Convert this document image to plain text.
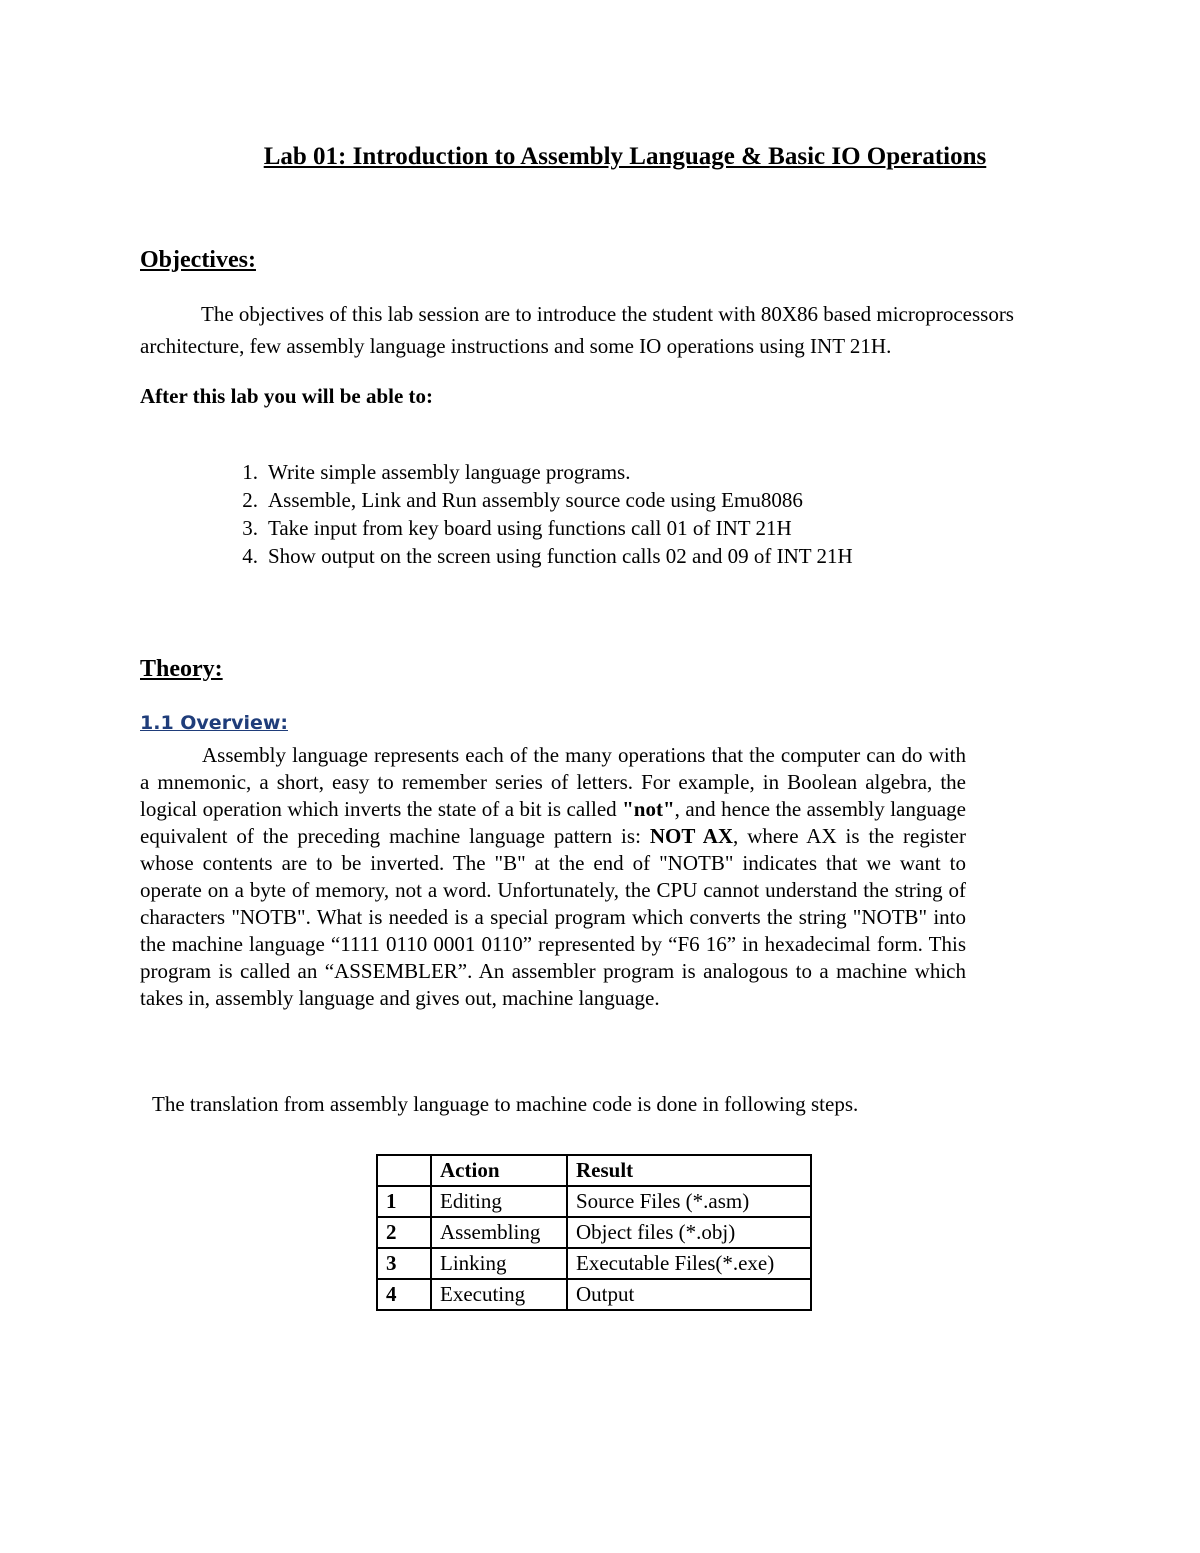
Lab 01: Introduction to Assembly Language & Basic IO Operations
Objectives:
The objectives of this lab session are to introduce the student with 80X86 based microprocessors
architecture, few assembly language instructions and some IO operations using INT 21H.
After this lab you will be able to:
1. Write simple assembly language programs.
2. Assemble, Link and Run assembly source code using Emu8086
3. Take input from key board using functions call 01 of INT 21H
4. Show output on the screen using function calls 02 and 09 of INT 21H
Theory:
1.1 Overview:
Assembly language represents each of the many operations that the computer can do with a mnemonic, a short, easy to remember series of letters. For example, in Boolean algebra, the logical operation which inverts the state of a bit is called "not", and hence the assembly language equivalent of the preceding machine language pattern is: NOT AX, where AX is the register whose contents are to be inverted. The "B" at the end of "NOTB" indicates that we want to operate on a byte of memory, not a word. Unfortunately, the CPU cannot understand the string of characters "NOTB". What is needed is a special program which converts the string "NOTB" into the machine language “1111 0110 0001 0110” represented by “F6 16” in hexadecimal form. This program is called an “ASSEMBLER”. An assembler program is analogous to a machine which takes in, assembly language and gives out, machine language.
The translation from assembly language to machine code is done in following steps.
	Action	Result
1	Editing	Source Files (*.asm)
2	Assembling	Object files (*.obj)
3	Linking	Executable Files(*.exe)
4	Executing	Output
